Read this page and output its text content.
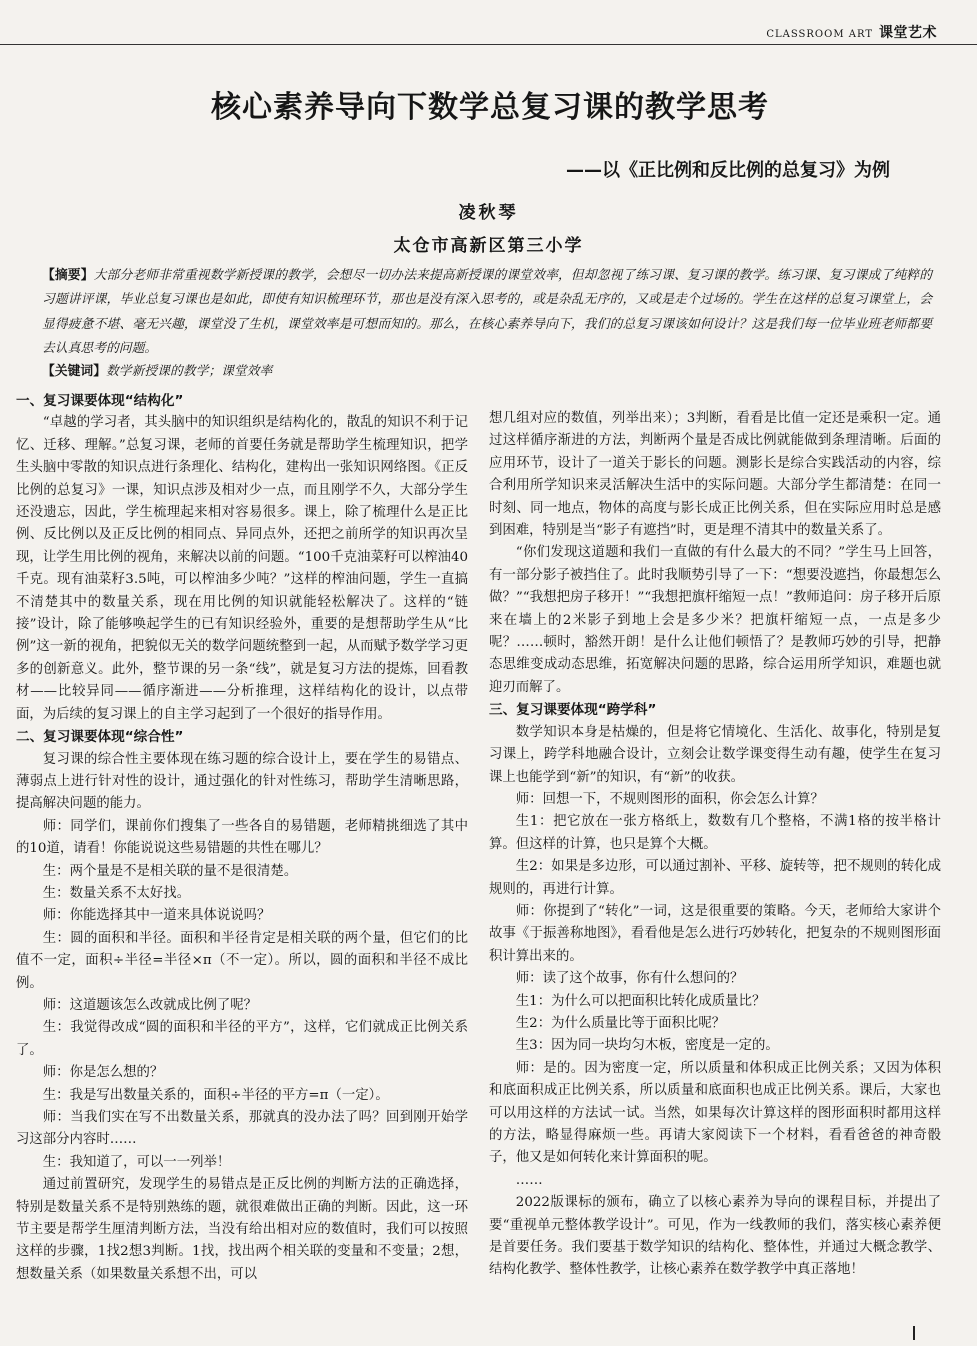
CLASSROOM ART 课堂艺术
核心素养导向下数学总复习课的教学思考
——以《正比例和反比例的总复习》为例
凌秋琴
太仓市高新区第三小学
【摘要】大部分老师非常重视数学新授课的教学，会想尽一切办法来提高新授课的课堂效率，但却忽视了练习课、复习课的教学。练习课、复习课成了纯粹的习题讲评课，毕业总复习课也是如此，即使有知识梳理环节，那也是没有深入思考的，或是杂乱无序的，又或是走个过场的。学生在这样的总复习课堂上，会显得疲惫不堪、毫无兴趣，课堂没了生机，课堂效率是可想而知的。那么，在核心素养导向下，我们的总复习课该如何设计？这是我们每一位毕业班老师都要去认真思考的问题。
【关键词】数学新授课的教学；课堂效率

一、复习课要体现“结构化”

“卓越的学习者，其头脑中的知识组织是结构化的，散乱的知识不利于记忆、迁移、理解。”总复习课，老师的首要任务就是帮助学生梳理知识，把学生头脑中零散的知识点进行条理化、结构化，建构出一张知识网络图。《正反比例的总复习》一课，知识点涉及相对少一点，而且刚学不久，大部分学生还没遗忘，因此，学生梳理起来相对容易很多。课上，除了梳理什么是正比例、反比例以及正反比例的相同点、异同点外，还把之前所学的知识再次呈现，让学生用比例的视角，来解决以前的问题。“100千克油菜籽可以榨油40千克。现有油菜籽3.5吨，可以榨油多少吨？”这样的榨油问题，学生一直搞不清楚其中的数量关系，现在用比例的知识就能轻松解决了。这样的“链接”设计，除了能够唤起学生的已有知识经验外，重要的是想帮助学生从“比例”这一新的视角，把貌似无关的数学问题统整到一起，从而赋予数学学习更多的创新意义。此外，整节课的另一条“线”，就是复习方法的提炼，回看教材——比较异同——循序渐进——分析推理，这样结构化的设计，以点带面，为后续的复习课上的自主学习起到了一个很好的指导作用。

二、复习课要体现“综合性”

复习课的综合性主要体现在练习题的综合设计上，要在学生的易错点、薄弱点上进行针对性的设计，通过强化的针对性练习，帮助学生清晰思路，提高解决问题的能力。

师：同学们，课前你们搜集了一些各自的易错题，老师精挑细选了其中的10道，请看！你能说说这些易错题的共性在哪儿？

生：两个量是不是相关联的量不是很清楚。

生：数量关系不太好找。

师：你能选择其中一道来具体说说吗？

生：圆的面积和半径。面积和半径肯定是相关联的两个量，但它们的比值不一定，面积÷半径=半径×π（不一定）。所以，圆的面积和半径不成比例。

师：这道题该怎么改就成比例了呢？

生：我觉得改成“圆的面积和半径的平方”，这样，它们就成正比例关系了。

师：你是怎么想的？

生：我是写出数量关系的，面积÷半径的平方=π（一定）。

师：当我们实在写不出数量关系，那就真的没办法了吗？回到刚开始学习这部分内容时……

生：我知道了，可以一一列举！

通过前置研究，发现学生的易错点是正反比例的判断方法的正确选择，特别是数量关系不是特别熟练的题，就很难做出正确的判断。因此，这一环节主要是帮学生厘清判断方法，当没有给出相对应的数值时，我们可以按照这样的步骤，1找2想3判断。1找，找出两个相关联的变量和不变量；2想，想数量关系（如果数量关系想不出，可以

想几组对应的数值，列举出来）；3判断，看看是比值一定还是乘积一定。通过这样循序渐进的方法，判断两个量是否成比例就能做到条理清晰。后面的应用环节，设计了一道关于影长的问题。测影长是综合实践活动的内容，综合利用所学知识来灵活解决生活中的实际问题。大部分学生都清楚：在同一时刻、同一地点，物体的高度与影长成正比例关系，但在实际应用时总是感到困难，特别是当“影子有遮挡”时，更是理不清其中的数量关系了。

“你们发现这道题和我们一直做的有什么最大的不同？”学生马上回答，有一部分影子被挡住了。此时我顺势引导了一下：“想要没遮挡，你最想怎么做？”“我想把房子移开！”“我想把旗杆缩短一点！”教师追问：房子移开后原来在墙上的2米影子到地上会是多少米？把旗杆缩短一点，一点是多少呢？……顿时，豁然开朗！是什么让他们顿悟了？是教师巧妙的引导，把静态思维变成动态思维，拓宽解决问题的思路，综合运用所学知识，难题也就迎刃而解了。

三、复习课要体现“跨学科”

数学知识本身是枯燥的，但是将它情境化、生活化、故事化，特别是复习课上，跨学科地融合设计，立刻会让数学课变得生动有趣，使学生在复习课上也能学到“新”的知识，有“新”的收获。

师：回想一下，不规则图形的面积，你会怎么计算？

生1：把它放在一张方格纸上，数数有几个整格，不满1格的按半格计算。但这样的计算，也只是算个大概。

生2：如果是多边形，可以通过割补、平移、旋转等，把不规则的转化成规则的，再进行计算。

师：你提到了“转化”一词，这是很重要的策略。今天，老师给大家讲个故事《于振善称地图》，看看他是怎么进行巧妙转化，把复杂的不规则图形面积计算出来的。

师：读了这个故事，你有什么想问的？

生1：为什么可以把面积比转化成质量比？

生2：为什么质量比等于面积比呢？

生3：因为同一块均匀木板，密度是一定的。

师：是的。因为密度一定，所以质量和体积成正比例关系；又因为体积和底面积成正比例关系，所以质量和底面积也成正比例关系。课后，大家也可以用这样的方法试一试。当然，如果每次计算这样的图形面积时都用这样的方法，略显得麻烦一些。再请大家阅读下一个材料，看看爸爸的神奇骰子，他又是如何转化来计算面积的呢。

……

2022版课标的颁布，确立了以核心素养为导向的课程目标，并提出了要“重视单元整体教学设计”。可见，作为一线教师的我们，落实核心素养便是首要任务。我们要基于数学知识的结构化、整体性，并通过大概念教学、结构化教学、整体性教学，让核心素养在数学教学中真正落地！
